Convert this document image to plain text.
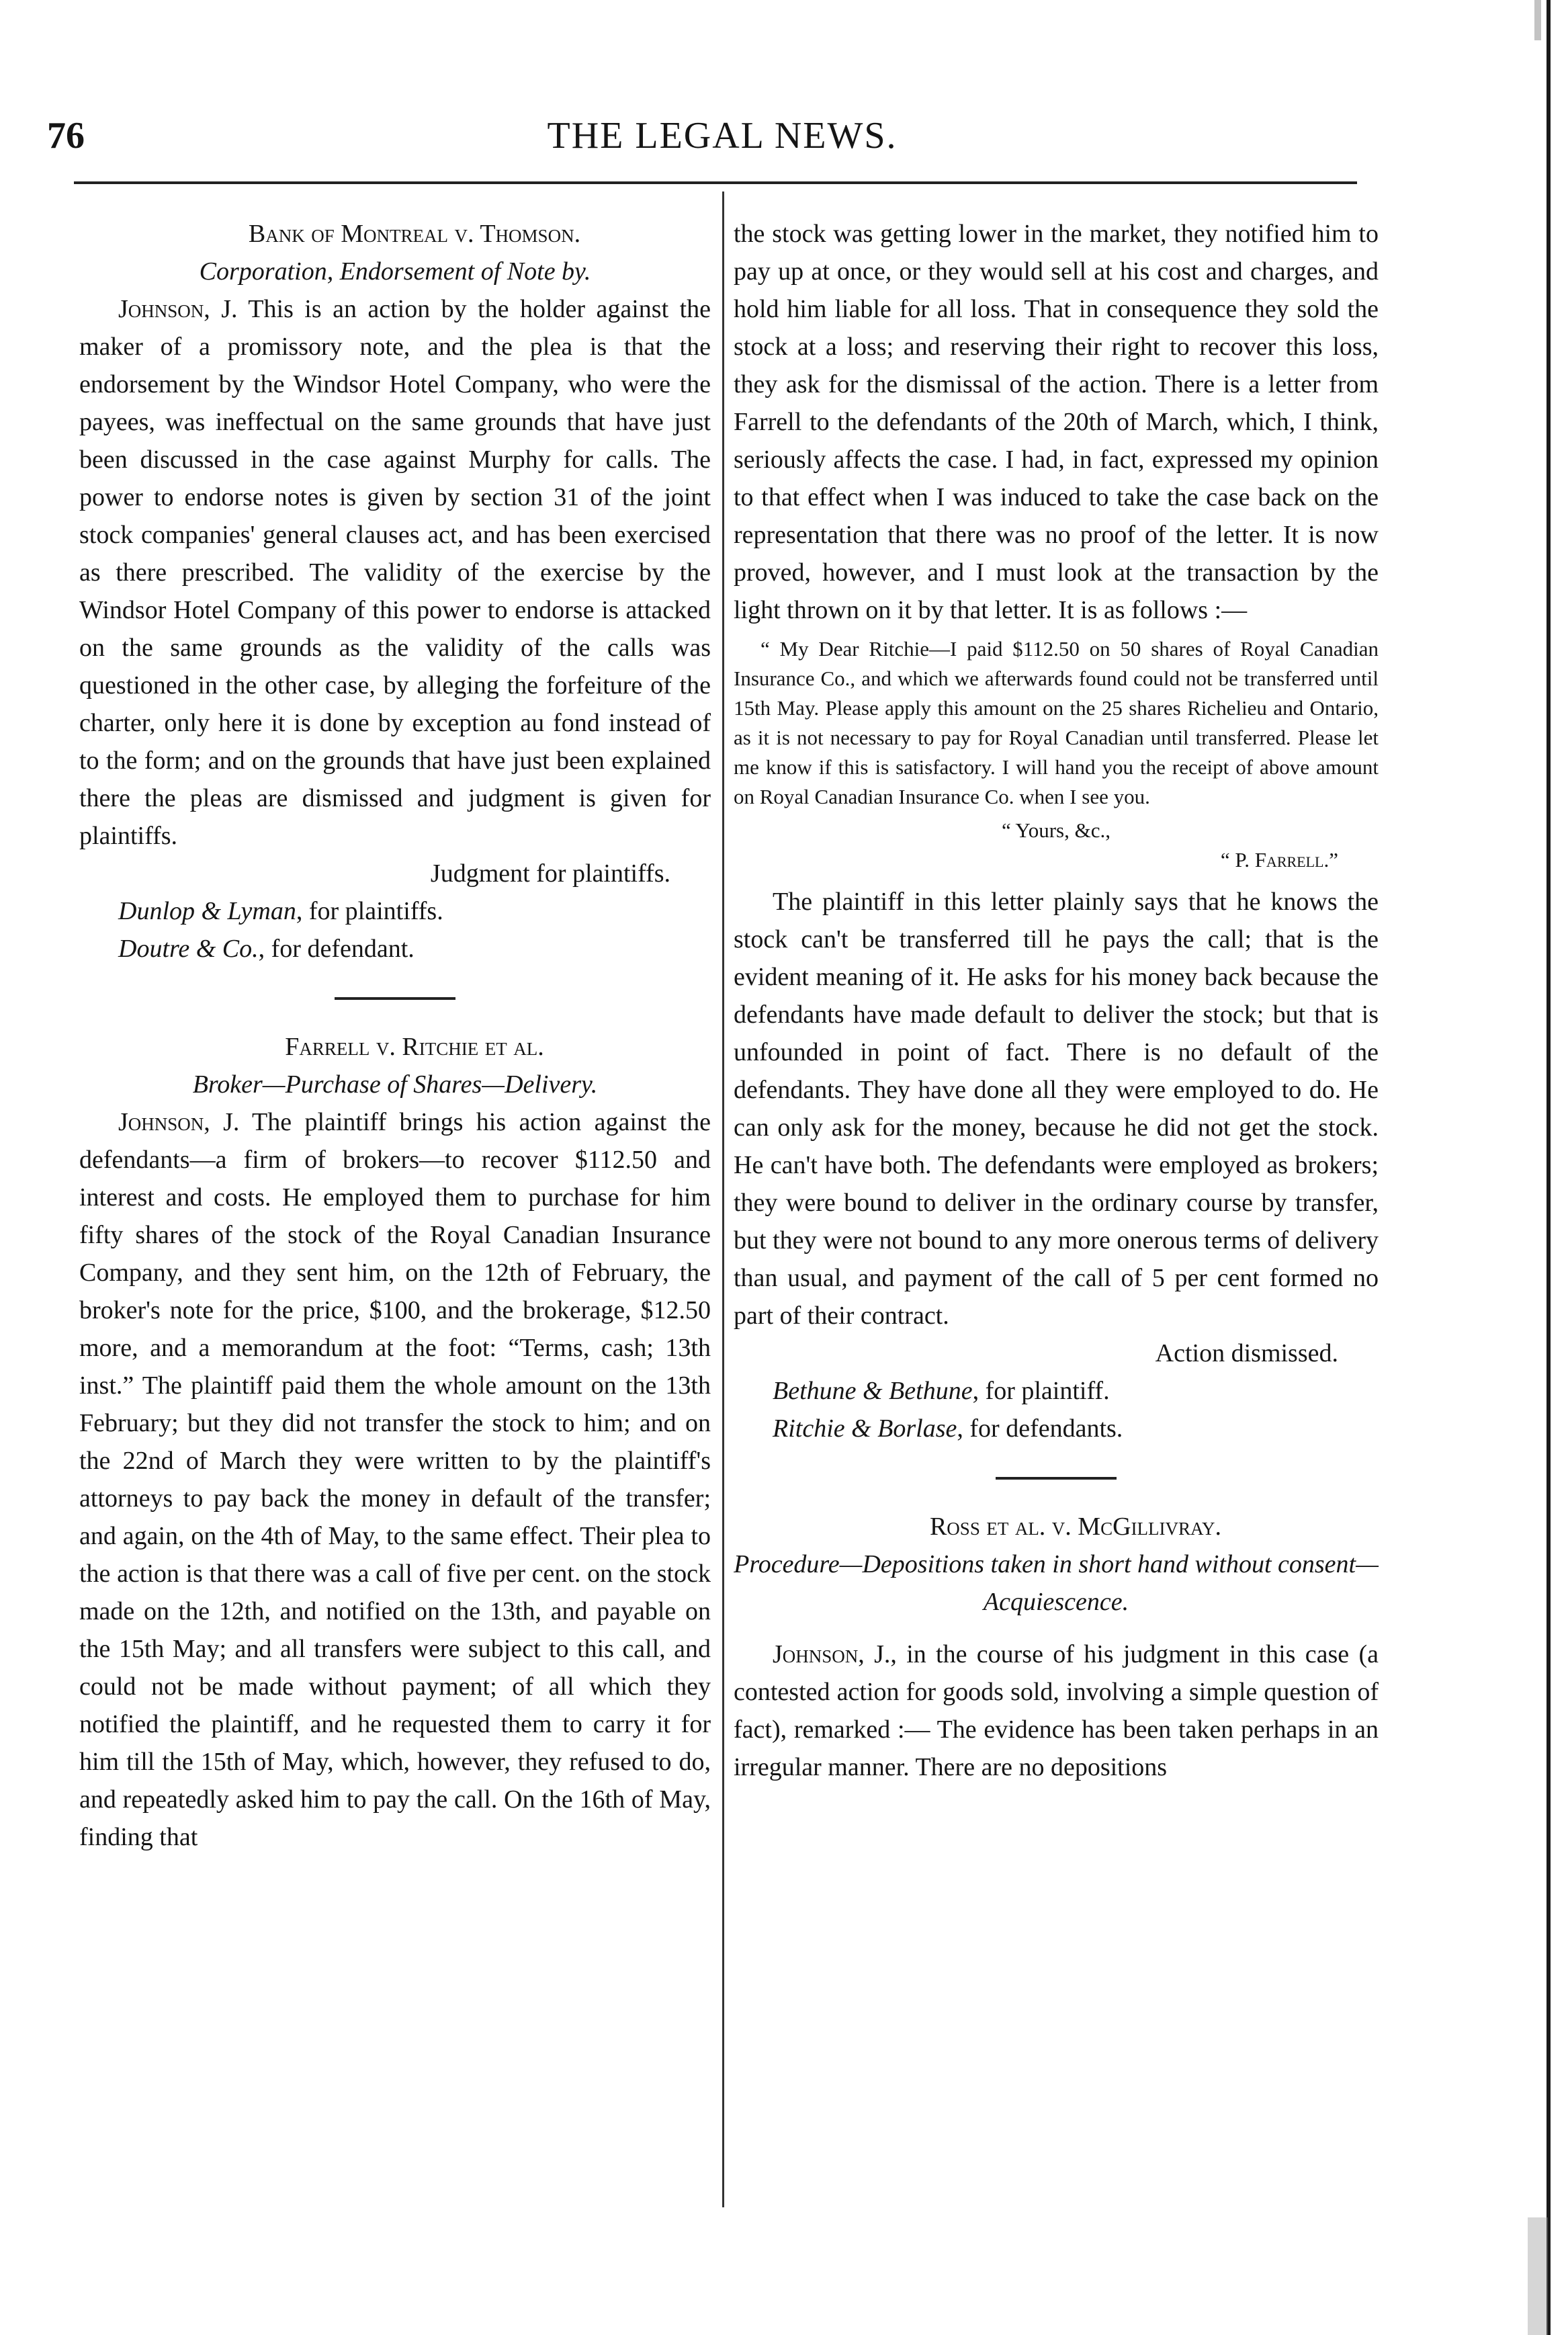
76	THE LEGAL NEWS.

Bank of Montreal v. Thomson.

Corporation, Endorsement of Note by.

Johnson, J. This is an action by the holder against the maker of a promissory note, and the plea is that the endorsement by the Windsor Hotel Company, who were the payees, was ineffectual on the same grounds that have just been discussed in the case against Murphy for calls. The power to endorse notes is given by section 31 of the joint stock companies' general clauses act, and has been exercised as there prescribed. The validity of the exercise by the Windsor Hotel Company of this power to endorse is attacked on the same grounds as the validity of the calls was questioned in the other case, by alleging the forfeiture of the charter, only here it is done by exception au fond instead of to the form; and on the grounds that have just been explained there the pleas are dismissed and judgment is given for plaintiffs.

Judgment for plaintiffs.

Dunlop & Lyman, for plaintiffs.

Doutre & Co., for defendant.

Farrell v. Ritchie et al.

Broker—Purchase of Shares—Delivery.

Johnson, J. The plaintiff brings his action against the defendants—a firm of brokers—to recover $112.50 and interest and costs. He employed them to purchase for him fifty shares of the stock of the Royal Canadian Insurance Company, and they sent him, on the 12th of February, the broker's note for the price, $100, and the brokerage, $12.50 more, and a memorandum at the foot: “Terms, cash; 13th inst.” The plaintiff paid them the whole amount on the 13th February; but they did not transfer the stock to him; and on the 22nd of March they were written to by the plaintiff's attorneys to pay back the money in default of the transfer; and again, on the 4th of May, to the same effect. Their plea to the action is that there was a call of five per cent. on the stock made on the 12th, and notified on the 13th, and payable on the 15th May; and all transfers were subject to this call, and could not be made without payment; of all which they notified the plaintiff, and he requested them to carry it for him till the 15th of May, which, however, they refused to do, and repeatedly asked him to pay the call. On the 16th of May, finding that

the stock was getting lower in the market, they notified him to pay up at once, or they would sell at his cost and charges, and hold him liable for all loss. That in consequence they sold the stock at a loss; and reserving their right to recover this loss, they ask for the dismissal of the action. There is a letter from Farrell to the defendants of the 20th of March, which, I think, seriously affects the case. I had, in fact, expressed my opinion to that effect when I was induced to take the case back on the representation that there was no proof of the letter. It is now proved, however, and I must look at the transaction by the light thrown on it by that letter. It is as follows :—

“ My Dear Ritchie—I paid $112.50 on 50 shares of Royal Canadian Insurance Co., and which we afterwards found could not be transferred until 15th May. Please apply this amount on the 25 shares Richelieu and Ontario, as it is not necessary to pay for Royal Canadian until transferred. Please let me know if this is satisfactory. I will hand you the receipt of above amount on Royal Canadian Insurance Co. when I see you.

“ Yours, &c.,
“ P. Farrell.”

The plaintiff in this letter plainly says that he knows the stock can't be transferred till he pays the call; that is the evident meaning of it. He asks for his money back because the defendants have made default to deliver the stock; but that is unfounded in point of fact. There is no default of the defendants. They have done all they were employed to do. He can only ask for the money, because he did not get the stock. He can't have both. The defendants were employed as brokers; they were bound to deliver in the ordinary course by transfer, but they were not bound to any more onerous terms of delivery than usual, and payment of the call of 5 per cent formed no part of their contract.

Action dismissed.

Bethune & Bethune, for plaintiff.

Ritchie & Borlase, for defendants.

Ross et al. v. McGillivray.

Procedure—Depositions taken in short hand without consent—Acquiescence.

Johnson, J., in the course of his judgment in this case (a contested action for goods sold, involving a simple question of fact), remarked :— The evidence has been taken perhaps in an irregular manner. There are no depositions
